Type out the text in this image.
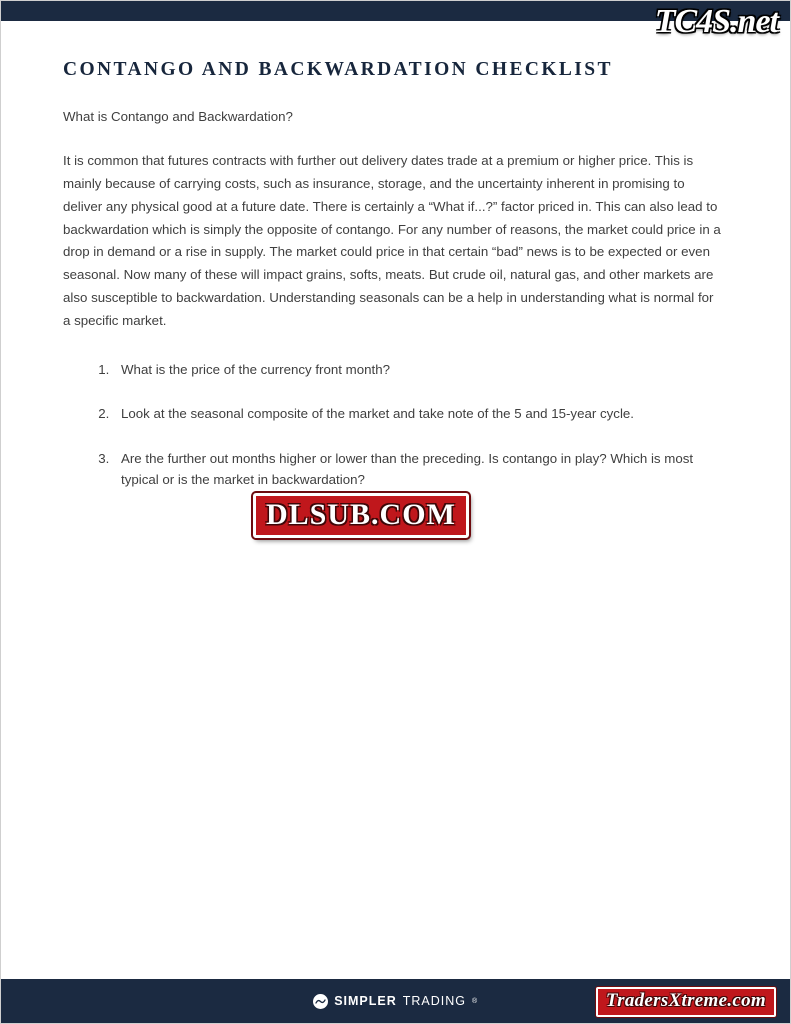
CONTANGO AND BACKWARDATION CHECKLIST

What is Contango and Backwardation?

It is common that futures contracts with further out delivery dates trade at a premium or higher price. This is mainly because of carrying costs, such as insurance, storage, and the uncertainty inherent in promising to deliver any physical good at a future date. There is certainly a “What if...?” factor priced in. This can also lead to backwardation which is simply the opposite of contango. For any number of reasons, the market could price in a drop in demand or a rise in supply. The market could price in that certain “bad” news is to be expected or even seasonal. Now many of these will impact grains, softs, meats. But crude oil, natural gas, and other markets are also susceptible to backwardation. Understanding seasonals can be a help in understanding what is normal for a specific market.

1. What is the price of the currency front month?
2. Look at the seasonal composite of the market and take note of the 5 and 15-year cycle.
3. Are the further out months higher or lower than the preceding. Is contango in play? Which is most typical or is the market in backwardation?
SIMPLER TRADING ®
TC4S.net
DLSUB.COM
TradersXtreme.com
